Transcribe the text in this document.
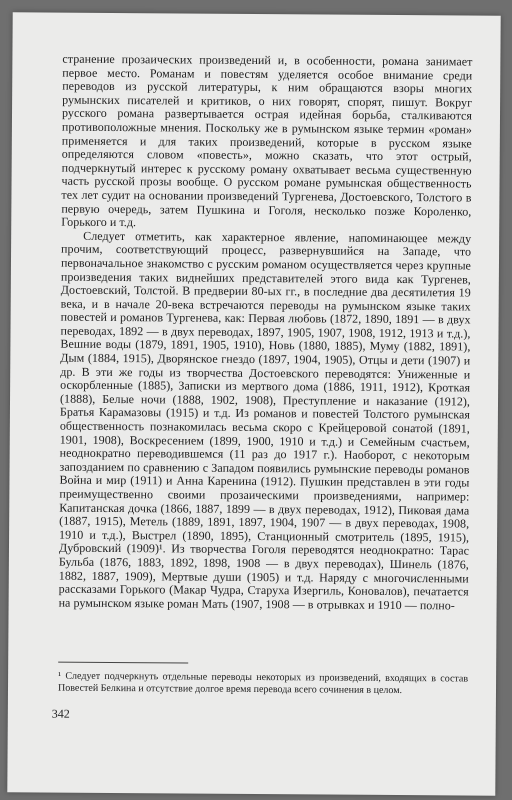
странение прозаических произведений и, в особенности, романа занимает первое место. Романам и повестям уделяется особое внимание среди переводов из русской литературы, к ним обращаются взоры многих румынских писателей и критиков, о них говорят, спорят, пишут. Вокруг русского романа развертывается острая идейная борьба, сталкиваются противоположные мнения. Поскольку же в румынском языке термин «роман» применяется и для таких произведений, которые в русском языке определяются словом «повесть», можно сказать, что этот острый, подчеркнутый интерес к русскому роману охватывает весьма существенную часть русской прозы вообще. О русском романе румынская общественность тех лет судит на основании произведений Тургенева, Достоевского, Толстого в первую очередь, затем Пушкина и Гоголя, несколько позже Короленко, Горького и т.д.

Следует отметить, как характерное явление, напоминающее между прочим, соответствующий процесс, развернувшийся на Западе, что первоначальное знакомство с русским романом осуществляется через крупные произведения таких виднейших представителей этого вида как Тургенев, Достоевский, Толстой. В предверии 80-ых гг., в последние два десятилетия 19 века, и в начале 20-века встречаются переводы на румынском языке таких повестей и романов Тургенева, как: Первая любовь (1872, 1890, 1891 — в двух переводах, 1892 — в двух переводах, 1897, 1905, 1907, 1908, 1912, 1913 и т.д.), Вешние воды (1879, 1891, 1905, 1910), Новь (1880, 1885), Муму (1882, 1891), Дым (1884, 1915), Дворянское гнездо (1897, 1904, 1905), Отцы и дети (1907) и др. В эти же годы из творчества Достоевского переводятся: Униженные и оскорбленные (1885), Записки из мертвого дома (1886, 1911, 1912), Кроткая (1888), Белые ночи (1888, 1902, 1908), Преступление и наказание (1912), Братья Карамазовы (1915) и т.д. Из романов и повестей Толстого румынская общественность познакомилась весьма скоро с Крейцеровой сонатой (1891, 1901, 1908), Воскресением (1899, 1900, 1910 и т.д.) и Семейным счастьем, неоднократно переводившемся (11 раз до 1917 г.). Наоборот, с некоторым запозданием по сравнению с Западом появились румынские переводы романов Война и мир (1911) и Анна Каренина (1912). Пушкин представлен в эти годы преимущественно своими прозаическими произведениями, например: Капитанская дочка (1866, 1887, 1899 — в двух переводах, 1912), Пиковая дама (1887, 1915), Метель (1889, 1891, 1897, 1904, 1907 — в двух переводах, 1908, 1910 и т.д.), Выстрел (1890, 1895), Станционный смотритель (1895, 1915), Дубровский (1909)¹. Из творчества Гоголя переводятся неоднократно: Тарас Бульба (1876, 1883, 1892, 1898, 1908 — в двух переводах), Шинель (1876, 1882, 1887, 1909), Мертвые души (1905) и т.д. Наряду с многочисленными рассказами Горького (Макар Чудра, Старуха Изергиль, Коновалов), печатается на румынском языке роман Мать (1907, 1908 — в отрывках и 1910 — полно-

¹ Следует подчеркнуть отдельные переводы некоторых из произведений, входящих в состав Повестей Белкина и отсутствие долгое время перевода всего сочинения в целом.

342
